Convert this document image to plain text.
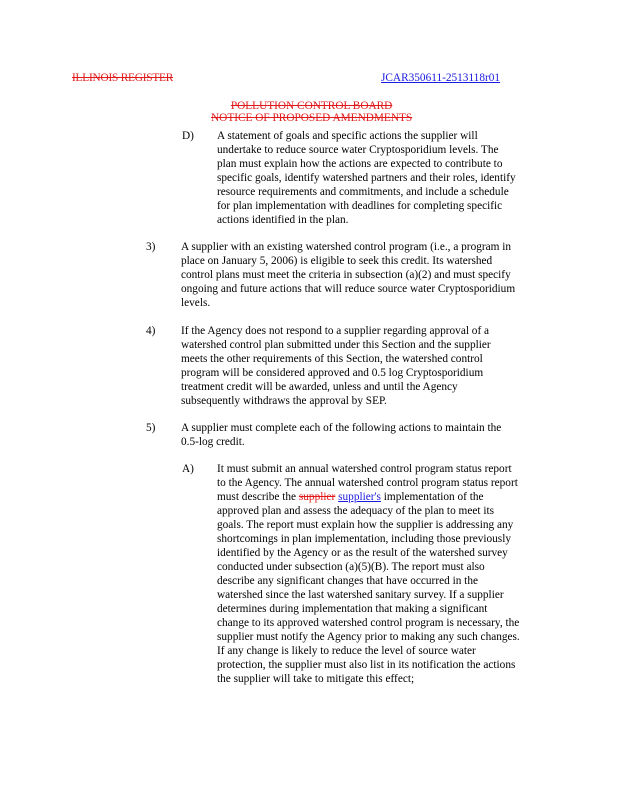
ILLINOIS REGISTER	JCAR350611-2513118r01
POLLUTION CONTROL BOARD
NOTICE OF PROPOSED AMENDMENTS
D) A statement of goals and specific actions the supplier will
undertake to reduce source water Cryptosporidium levels. The
plan must explain how the actions are expected to contribute to
specific goals, identify watershed partners and their roles, identify
resource requirements and commitments, and include a schedule
for plan implementation with deadlines for completing specific
actions identified in the plan.
3) A supplier with an existing watershed control program (i.e., a program in
place on January 5, 2006) is eligible to seek this credit. Its watershed
control plans must meet the criteria in subsection (a)(2) and must specify
ongoing and future actions that will reduce source water Cryptosporidium
levels.
4) If the Agency does not respond to a supplier regarding approval of a
watershed control plan submitted under this Section and the supplier
meets the other requirements of this Section, the watershed control
program will be considered approved and 0.5 log Cryptosporidium
treatment credit will be awarded, unless and until the Agency
subsequently withdraws the approval by SEP.
5) A supplier must complete each of the following actions to maintain the
0.5-log credit.
A) It must submit an annual watershed control program status report
to the Agency. The annual watershed control program status report
must describe the supplier supplier's implementation of the
approved plan and assess the adequacy of the plan to meet its
goals. The report must explain how the supplier is addressing any
shortcomings in plan implementation, including those previously
identified by the Agency or as the result of the watershed survey
conducted under subsection (a)(5)(B). The report must also
describe any significant changes that have occurred in the
watershed since the last watershed sanitary survey. If a supplier
determines during implementation that making a significant
change to its approved watershed control program is necessary, the
supplier must notify the Agency prior to making any such changes.
If any change is likely to reduce the level of source water
protection, the supplier must also list in its notification the actions
the supplier will take to mitigate this effect;
